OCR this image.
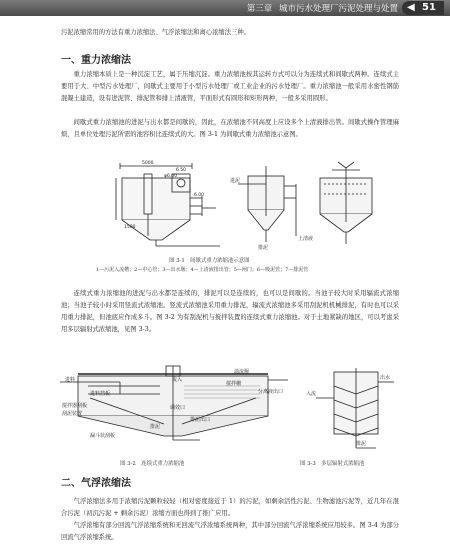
第三章 城市污水处理厂污泥处理与处置 ◀ 51

污泥浓缩常用的方法有重力浓缩法、气浮浓缩法和离心浓缩法三种。

一、重力浓缩法

重力浓缩本质上是一种沉淀工艺，属于压缩沉淀。重力浓缩池按其运转方式可以分为连续式和间歇式两种。连续式主要用于大、中型污水处理厂，间歇式主要用于小型污水处理厂或工业企业的污水处理厂。重力浓缩池一般采用水密性钢筋混凝土建造，设有进泥管、排泥管和排上清液管，平面形式有圆形和矩形两种，一般多采用圆形。

间歇式重力浓缩池的进泥与出水都是间歇的，因此，在浓缩池不同高度上应设多个上清液排出管。间歇式操作管理麻烦，且单位处理污泥所需的池容积比连续式的大。图 3-1 为间歇式重力浓缩池示意图。

5000
6.50
φ6.00
6.00
1500
进泥
排泥
上清液
图 3-1　间歇式重力浓缩池示意图
1—污泥入流槽；2—中心管；3—出水堰；4—上清液排出管；5—闸门；6—吸泥管；7—排泥管

连续式重力浓缩池的进泥与出水都是连续的，排泥可以是连续的，也可以是间歇的。当池子较大时采用辐流式浓缩池；当池子较小时采用竖流式浓缩池。竖流式浓缩池采用重力排泥，辐流式浓缩池多采用刮泥机机械排泥，有时也可以采用重力排泥，但池底应作成多斗。图 3-2 为有刮泥机与搅拌装置的连续式重力浓缩池。对于土地紧缺的地区，可以考虑采用多层辐射式浓缩池，见图 3-3。

进料
溢流堰
搅拌栅
分离液出口
进料挡板
调效口
搅拌器刮板
刮泥装置
排泥
排泥出口
漏斗状刮板
流入
图 3-2　连续式重力浓缩池
入流
出水
排泥
图 3-3　多层辐射式浓缩池
二、气浮浓缩法

气浮浓缩法多用于浓缩污泥颗粒较轻（相对密度接近于 1）的污泥，如剩余活性污泥、生物滤池污泥等，近几年在混合污泥（初沉污泥 + 剩余污泥）浓缩方面也得到了推广应用。

气浮浓缩有部分回流气浮浓缩系统和无回流气浮浓缩系统两种，其中部分回流气浮浓缩系统应用较多。图 3-4 为部分回流气浮浓缩系统。
